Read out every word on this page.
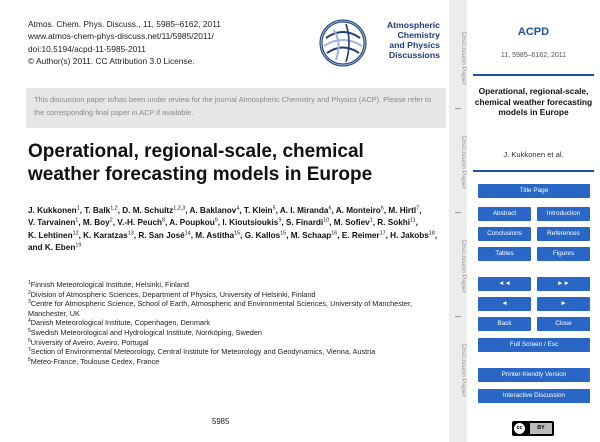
Atmos. Chem. Phys. Discuss., 11, 5985–6162, 2011
www.atmos-chem-phys-discuss.net/11/5985/2011/
doi:10.5194/acpd-11-5985-2011
© Author(s) 2011. CC Attribution 3.0 License.
Atmospheric
Chemistry
and Physics
Discussions
This discussion paper is/has been under review for the journal Atmospheric Chemistry and Physics (ACP). Please refer to the corresponding final paper in ACP if available.
Operational, regional-scale, chemical weather forecasting models in Europe
J. Kukkonen$^1$, T. Balk$^{1,2}$, D. M. Schultz$^{1,2,3}$, A. Baklanov$^4$, T. Klein$^5$, A. I. Miranda$^6$, A. Monteiro$^6$, M. Hirtl$^7$, V. Tarvainen$^1$, M. Boy$^2$, V.-H. Peuch$^8$, A. Poupkou$^9$, I. Kioutsioukis$^9$, S. Finardi$^{10}$, M. Sofiev$^1$, R. Sokhi$^{11}$, K. Lehtinen$^{12}$, K. Karatzas$^{13}$, R. San José$^{14}$, M. Astitha$^{15}$, G. Kallos$^{15}$, M. Schaap$^{16}$, E. Reimer$^{17}$, H. Jakobs$^{18}$, and K. Eben$^{19}$
$^1$Finnish Meteorological Institute, Helsinki, Finland
$^2$Division of Atmospheric Sciences, Department of Physics, University of Helsinki, Finland
$^3$Centre for Atmospheric Science, School of Earth, Atmospheric and Environmental Sciences, University of Manchester, Manchester, UK
$^4$Danish Meteorological Institute, Copenhagen, Denmark
$^5$Swedish Meteorological and Hydrological Institute, Norrköping, Sweden
$^6$University of Aveiro, Aveiro, Portugal
$^7$Section of Environmental Meteorology, Central Institute for Meteorology and Geodynamics, Vienna, Austria
$^8$Meteo-France, Toulouse Cedex, France
5985
Discussion Paper
Discussion Paper
Discussion Paper
Discussion Paper
ACPD
11, 5985–6162, 2011
Operational, regional-scale, chemical weather forecasting models in Europe
J. Kukkonen et al.
Title Page
Abstract	Introduction
Conclusions	References
Tables	Figures
◄◄	►►
◄	►
Back	Close
Full Screen / Esc
Printer-friendly Version
Interactive Discussion
cc	BY
